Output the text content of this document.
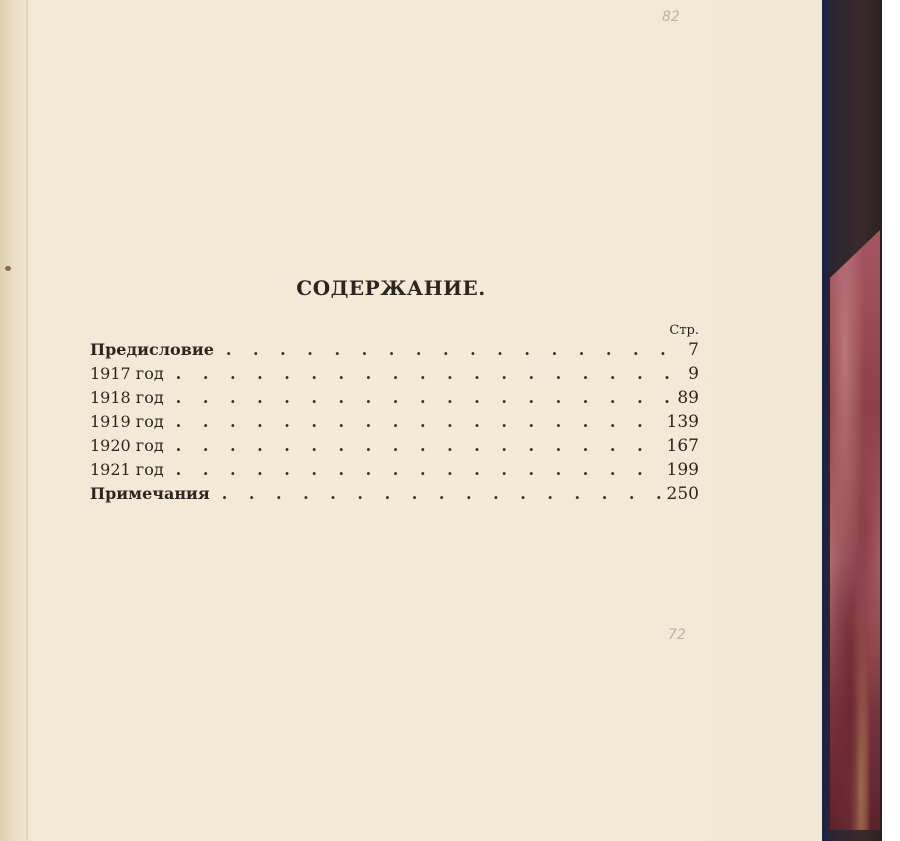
82
72
СОДЕРЖАНИЕ.
Стр.
Предисловие . . .	7
1917 год . . .	9
1918 год . . .	89
1919 год . . .	139
1920 год . . .	167
1921 год . . .	199
Примечания . . .	250
